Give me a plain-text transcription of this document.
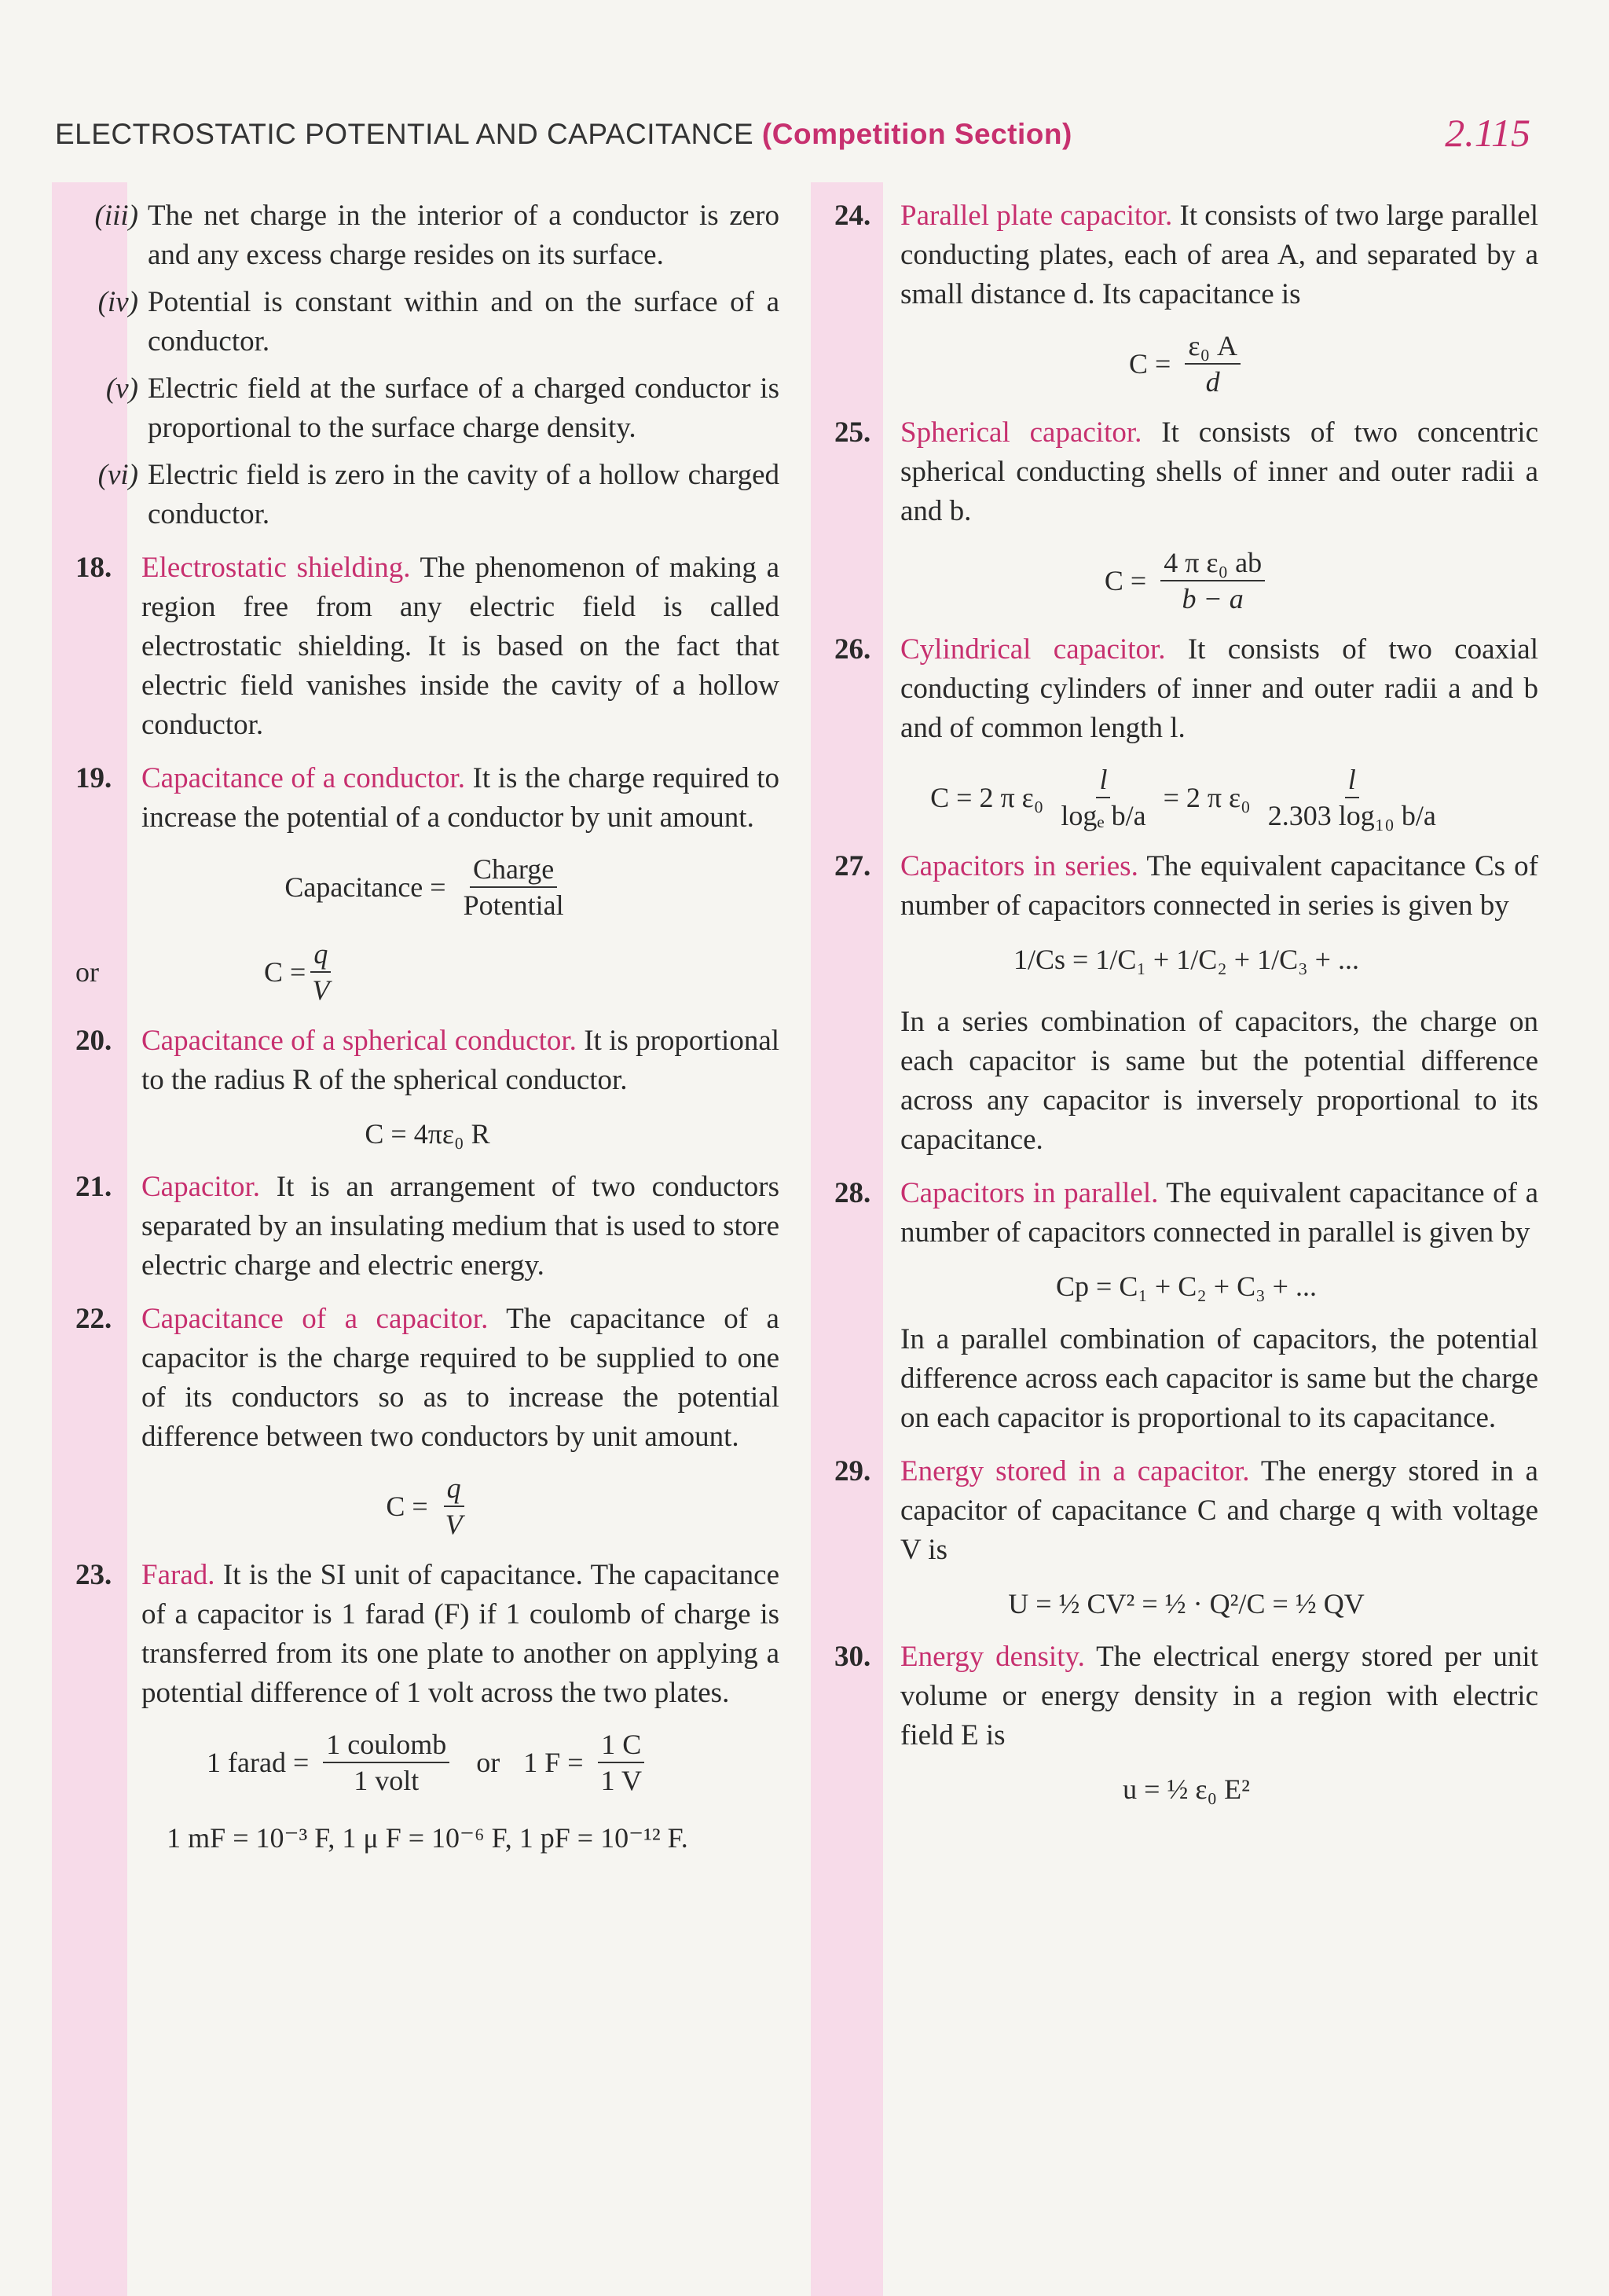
ELECTROSTATIC POTENTIAL AND CAPACITANCE (Competition Section)	2.115
(iii) The net charge in the interior of a conductor is zero and any excess charge resides on its surface.
(iv) Potential is constant within and on the surface of a conductor.
(v) Electric field at the surface of a charged conductor is proportional to the surface charge density.
(vi) Electric field is zero in the cavity of a hollow charged conductor.
18.	Electrostatic shielding. The phenomenon of making a region free from any electric field is called electrostatic shielding. It is based on the fact that electric field vanishes inside the cavity of a hollow conductor.
19.	Capacitance of a conductor. It is the charge required to increase the potential of a conductor by unit amount.
Capacitance = $\frac{\text{Charge}}{\text{Potential}}$
or	$C = \frac{q}{V}$
20.	Capacitance of a spherical conductor. It is proportional to the radius R of the spherical conductor.
C = 4πε₀ R
21.	Capacitor. It is an arrangement of two conductors separated by an insulating medium that is used to store electric charge and electric energy.
22.	Capacitance of a capacitor. The capacitance of a capacitor is the charge required to be supplied to one of its conductors so as to increase the potential difference between two conductors by unit amount.
$C = \frac{q}{V}$
23.	Farad. It is the SI unit of capacitance. The capacitance of a capacitor is 1 farad (F) if 1 coulomb of charge is transferred from its one plate to another on applying a potential difference of 1 volt across the two plates.
1 farad = $\frac{\text{1 coulomb}}{\text{1 volt}}$ or 1 $F = \frac{1 C}{1 V}$
1 mF = 10⁻³ F, 1 μ F = 10⁻⁶ F, 1 pF = 10⁻¹² F.
24.	Parallel plate capacitor. It consists of two large parallel conducting plates, each of area A, and separated by a small distance d. Its capacitance is
$C = \frac{\text{ε₀ A}}{d}$
25.	Spherical capacitor. It consists of two concentric spherical conducting shells of inner and outer radii a and b.
$C = \frac{\text{4 π ε₀ ab}}{b - a}$
26.	Cylindrical capacitor. It consists of two coaxial conducting cylinders of inner and outer radii a and b and of common length l.
C = 2 π $\varepsilon_0 \frac{l}{\text{logₑ b/a}} = 2$ π $\varepsilon_0 \frac{l}{\text{2.303 log₁₀ b/a}}$
27.	Capacitors in series. The equivalent capacitance Cs of number of capacitors connected in series is given by
1/Cs = 1/C₁ + 1/C₂ + 1/C₃ + ...
In a series combination of capacitors, the charge on each capacitor is same but the potential difference across any capacitor is inversely proportional to its capacitance.
28.	Capacitors in parallel. The equivalent capacitance of a number of capacitors connected in parallel is given by
Cp = C₁ + C₂ + C₃ + ...
In a parallel combination of capacitors, the potential difference across each capacitor is same but the charge on each capacitor is proportional to its capacitance.
29.	Energy stored in a capacitor. The energy stored in a capacitor of capacitance C and charge q with voltage V is
U = ½ CV² = ½ · Q²/C = ½ QV
30.	Energy density. The electrical energy stored per unit volume or energy density in a region with electric field E is
u = ½ ε₀ E²
